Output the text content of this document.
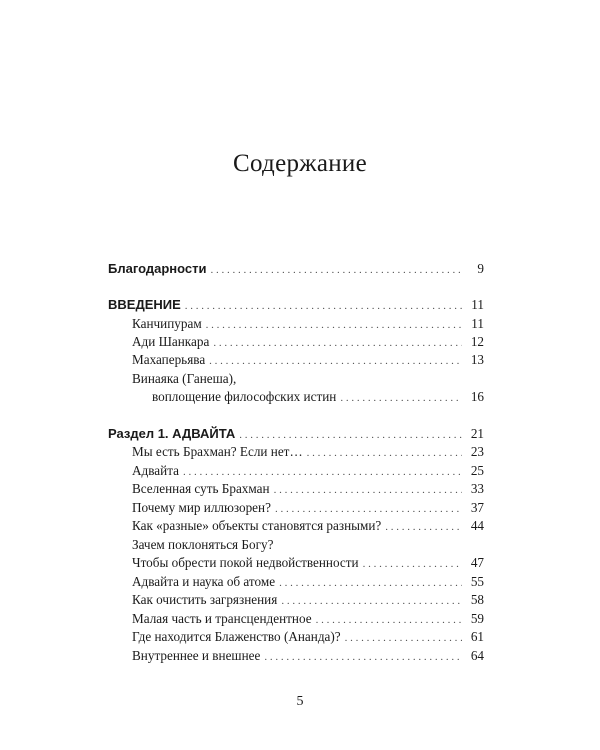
Содержание
Благодарности . . .	9
ВВЕДЕНИЕ . . .	11
Канчипурам . . .	11
Ади Шанкара . . .	12
Махаперьява . . .	13
Винаяка (Ганеша),
воплощение философских истин . . .	16
Раздел 1. АДВАЙТА . . .	21
Мы есть Брахман? Если нет… . . .	23
Адвайта . . .	25
Вселенная суть Брахман . . .	33
Почему мир иллюзорен? . . .	37
Как «разные» объекты становятся разными? . . .	44
Зачем поклоняться Богу?
Чтобы обрести покой недвойственности . . .	47
Адвайта и наука об атоме . . .	55
Как очистить загрязнения . . .	58
Малая часть и трансцендентное . . .	59
Где находится Блаженство (Ананда)? . . .	61
Внутреннее и внешнее . . .	64
5
